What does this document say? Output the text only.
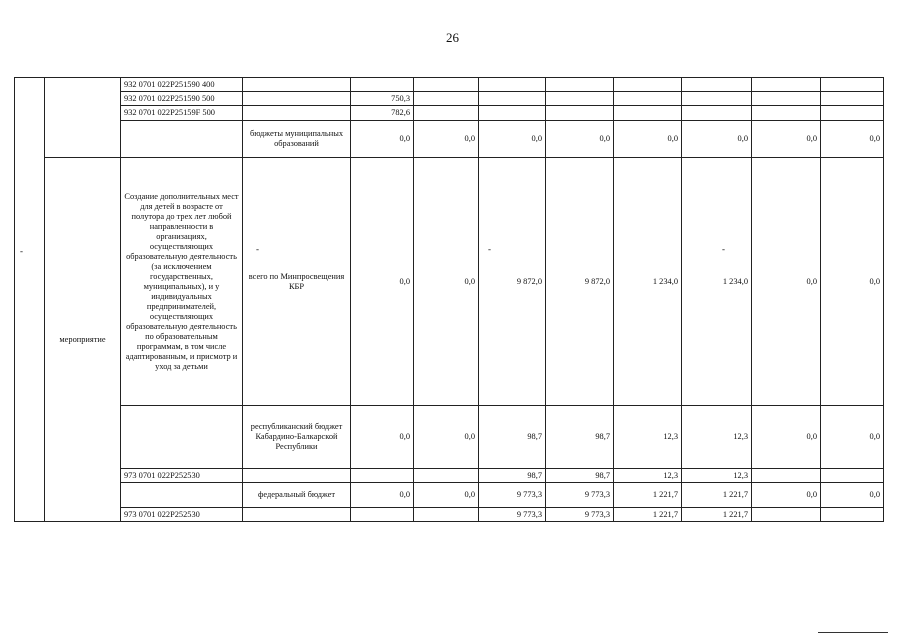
26
		932 0701 022P251590 400									
		932 0701 022P251590 500		750,3							
		932 0701 022P25159F 500		782,6							
			бюджеты муниципальных образований	0,0	0,0	0,0	0,0	0,0	0,0	0,0	0,0
	мероприятие	Создание дополнительных мест для детей в возрасте от полутора до трех лет любой направленности в организациях, осуществляющих образовательную деятельность (за исключением государственных, муниципальных), и у индивидуальных предпринимателей, осуществляющих образовательную деятельность по образовательным программам, в том числе адаптированным, и присмотр и уход за детьми	всего по Минпросвещения КБР	0,0	0,0	9 872,0	9 872,0	1 234,0	1 234,0	0,0	0,0
			республиканский бюджет Кабардино-Балкарской Республики	0,0	0,0	98,7	98,7	12,3	12,3	0,0	0,0
		973 0701 022P252530				98,7	98,7	12,3	12,3		
			федеральный бюджет	0,0	0,0	9 773,3	9 773,3	1 221,7	1 221,7	0,0	0,0
		973 0701 022P252530				9 773,3	9 773,3	1 221,7	1 221,7		
-	-	-	-
